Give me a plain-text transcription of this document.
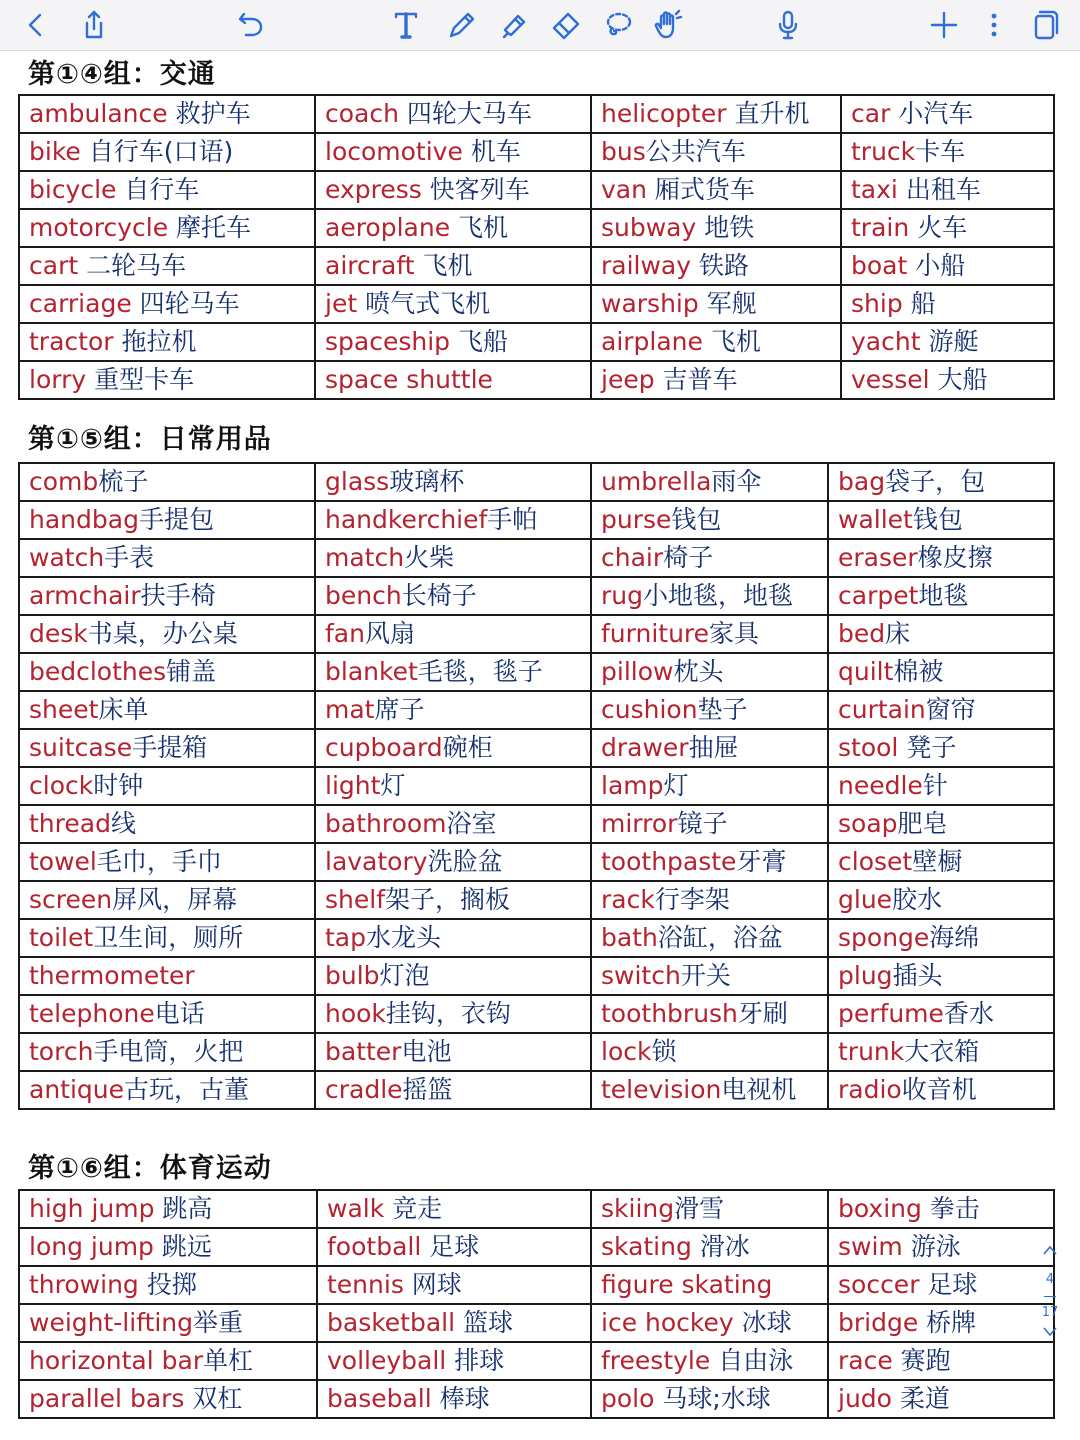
第①④组：交通
ambulance 救护车	coach 四轮大马车	helicopter 直升机	car 小汽车
bike 自行车(口语)	locomotive 机车	bus公共汽车	truck卡车
bicycle 自行车	express 快客列车	van 厢式货车	taxi 出租车
motorcycle 摩托车	aeroplane 飞机	subway 地铁	train 火车
cart 二轮马车	aircraft 飞机	railway 铁路	boat 小船
carriage 四轮马车	jet 喷气式飞机	warship 军舰	ship 船
tractor 拖拉机	spaceship 飞船	airplane 飞机	yacht 游艇
lorry 重型卡车	space shuttle	jeep 吉普车	vessel 大船
第①⑤组：日常用品
comb梳子	glass玻璃杯	umbrella雨伞	bag袋子，包
handbag手提包	handkerchief手帕	purse钱包	wallet钱包
watch手表	match火柴	chair椅子	eraser橡皮擦
armchair扶手椅	bench长椅子	rug小地毯，地毯	carpet地毯
desk书桌，办公桌	fan风扇	furniture家具	bed床
bedclothes铺盖	blanket毛毯，毯子	pillow枕头	quilt棉被
sheet床单	mat席子	cushion垫子	curtain窗帘
suitcase手提箱	cupboard碗柜	drawer抽屉	stool 凳子
clock时钟	light灯	lamp灯	needle针
thread线	bathroom浴室	mirror镜子	soap肥皂
towel毛巾，手巾	lavatory洗脸盆	toothpaste牙膏	closet壁橱
screen屏风，屏幕	shelf架子，搁板	rack行李架	glue胶水
toilet卫生间，厕所	tap水龙头	bath浴缸，浴盆	sponge海绵
thermometer	bulb灯泡	switch开关	plug插头
telephone电话	hook挂钩，衣钩	toothbrush牙刷	perfume香水
torch手电筒，火把	batter电池	lock锁	trunk大衣箱
antique古玩，古董	cradle摇篮	television电视机	radio收音机
第①⑥组：体育运动
high jump 跳高	walk 竞走	skiing滑雪	boxing 拳击
long jump 跳远	football 足球	skating 滑冰	swim 游泳
throwing 投掷	tennis 网球	figure skating	soccer 足球
weight-lifting举重	basketball 篮球	ice hockey 冰球	bridge 桥牌
horizontal bar单杠	volleyball 排球	freestyle 自由泳	race 赛跑
parallel bars 双杠	baseball 棒球	polo 马球;水球	judo 柔道
4
17
